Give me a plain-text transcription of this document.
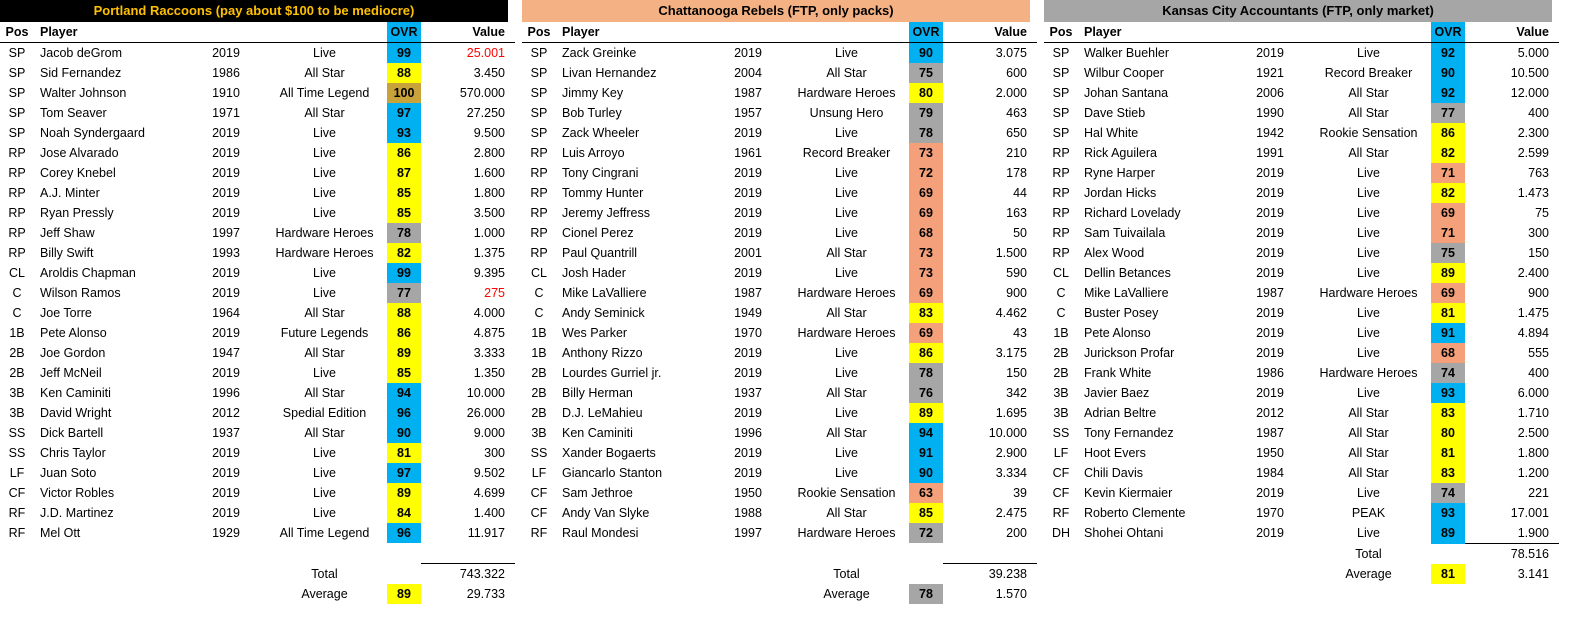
Portland Raccoons (pay about $100 to be mediocre)
Pos	Player			OVR	Value
SP	Jacob deGrom	2019	Live	99	25.001
SP	Sid Fernandez	1986	All Star	88	3.450
SP	Walter Johnson	1910	All Time Legend	100	570.000
SP	Tom Seaver	1971	All Star	97	27.250
SP	Noah Syndergaard	2019	Live	93	9.500
RP	Jose Alvarado	2019	Live	86	2.800
RP	Corey Knebel	2019	Live	87	1.600
RP	A.J. Minter	2019	Live	85	1.800
RP	Ryan Pressly	2019	Live	85	3.500
RP	Jeff Shaw	1997	Hardware Heroes	78	1.000
RP	Billy Swift	1993	Hardware Heroes	82	1.375
CL	Aroldis Chapman	2019	Live	99	9.395
C	Wilson Ramos	2019	Live	77	275
C	Joe Torre	1964	All Star	88	4.000
1B	Pete Alonso	2019	Future Legends	86	4.875
2B	Joe Gordon	1947	All Star	89	3.333
2B	Jeff McNeil	2019	Live	85	1.350
3B	Ken Caminiti	1996	All Star	94	10.000
3B	David Wright	2012	Spedial Edition	96	26.000
SS	Dick Bartell	1937	All Star	90	9.000
SS	Chris Taylor	2019	Live	81	300
LF	Juan Soto	2019	Live	97	9.502
CF	Victor Robles	2019	Live	89	4.699
RF	J.D. Martinez	2019	Live	84	1.400
RF	Mel Ott	1929	All Time Legend	96	11.917

			Total		743.322
			Average	89	29.733
Chattanooga Rebels (FTP, only packs)
Pos	Player			OVR	Value
SP	Zack Greinke	2019	Live	90	3.075
SP	Livan Hernandez	2004	All Star	75	600
SP	Jimmy Key	1987	Hardware Heroes	80	2.000
SP	Bob Turley	1957	Unsung Hero	79	463
SP	Zack Wheeler	2019	Live	78	650
RP	Luis Arroyo	1961	Record Breaker	73	210
RP	Tony Cingrani	2019	Live	72	178
RP	Tommy Hunter	2019	Live	69	44
RP	Jeremy Jeffress	2019	Live	69	163
RP	Cionel Perez	2019	Live	68	50
RP	Paul Quantrill	2001	All Star	73	1.500
CL	Josh Hader	2019	Live	73	590
C	Mike LaValliere	1987	Hardware Heroes	69	900
C	Andy Seminick	1949	All Star	83	4.462
1B	Wes Parker	1970	Hardware Heroes	69	43
1B	Anthony Rizzo	2019	Live	86	3.175
2B	Lourdes Gurriel jr.	2019	Live	78	150
2B	Billy Herman	1937	All Star	76	342
2B	D.J. LeMahieu	2019	Live	89	1.695
3B	Ken Caminiti	1996	All Star	94	10.000
SS	Xander Bogaerts	2019	Live	91	2.900
LF	Giancarlo Stanton	2019	Live	90	3.334
CF	Sam Jethroe	1950	Rookie Sensation	63	39
CF	Andy Van Slyke	1988	All Star	85	2.475
RF	Raul Mondesi	1997	Hardware Heroes	72	200

			Total		39.238
			Average	78	1.570
Kansas City Accountants (FTP, only market)
Pos	Player			OVR	Value
SP	Walker Buehler	2019	Live	92	5.000
SP	Wilbur Cooper	1921	Record Breaker	90	10.500
SP	Johan Santana	2006	All Star	92	12.000
SP	Dave Stieb	1990	All Star	77	400
SP	Hal White	1942	Rookie Sensation	86	2.300
RP	Rick Aguilera	1991	All Star	82	2.599
RP	Ryne Harper	2019	Live	71	763
RP	Jordan Hicks	2019	Live	82	1.473
RP	Richard Lovelady	2019	Live	69	75
RP	Sam Tuivailala	2019	Live	71	300
RP	Alex Wood	2019	Live	75	150
CL	Dellin Betances	2019	Live	89	2.400
C	Mike LaValliere	1987	Hardware Heroes	69	900
C	Buster Posey	2019	Live	81	1.475
1B	Pete Alonso	2019	Live	91	4.894
2B	Jurickson Profar	2019	Live	68	555
2B	Frank White	1986	Hardware Heroes	74	400
3B	Javier Baez	2019	Live	93	6.000
3B	Adrian Beltre	2012	All Star	83	1.710
SS	Tony Fernandez	1987	All Star	80	2.500
LF	Hoot Evers	1950	All Star	81	1.800
CF	Chili Davis	1984	All Star	83	1.200
CF	Kevin Kiermaier	2019	Live	74	221
RF	Roberto Clemente	1970	PEAK	93	17.001
DH	Shohei Ohtani	2019	Live	89	1.900
			Total		78.516
			Average	81	3.141
